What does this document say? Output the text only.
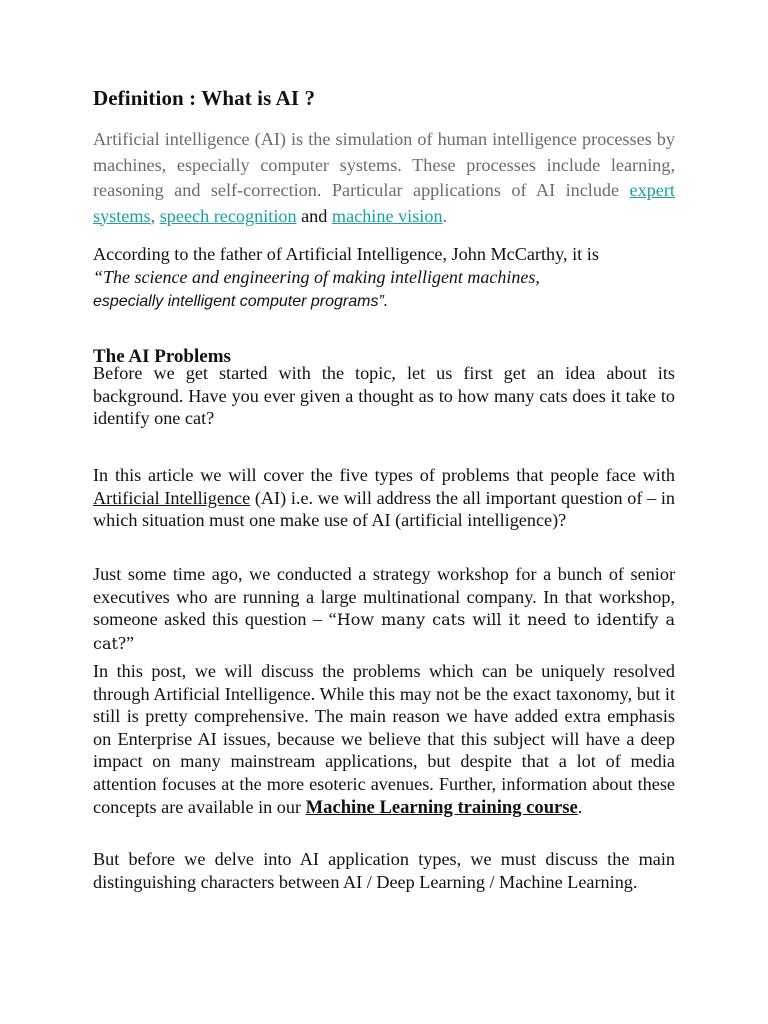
Definition : What is AI ?

Artificial intelligence (AI) is the simulation of human intelligence processes by machines, especially computer systems. These processes include learning, reasoning and self-correction. Particular applications of AI include expert systems, speech recognition and machine vision.

According to the father of Artificial Intelligence, John McCarthy, it is

“The science and engineering of making intelligent machines,
especially intelligent computer programs”.

The AI Problems

Before we get started with the topic, let us first get an idea about its background. Have you ever given a thought as to how many cats does it take to identify one cat?

In this article we will cover the five types of problems that people face with Artificial Intelligence (AI) i.e. we will address the all important question of – in which situation must one make use of AI (artificial intelligence)?

Just some time ago, we conducted a strategy workshop for a bunch of senior executives who are running a large multinational company. In that workshop, someone asked this question – “How many cats will it need to identify a cat?”

In this post, we will discuss the problems which can be uniquely resolved through Artificial Intelligence. While this may not be the exact taxonomy, but it still is pretty comprehensive. The main reason we have added extra emphasis on Enterprise AI issues, because we believe that this subject will have a deep impact on many mainstream applications, but despite that a lot of media attention focuses at the more esoteric avenues. Further, information about these concepts are available in our Machine Learning training course.

But before we delve into AI application types, we must discuss the main distinguishing characters between AI / Deep Learning / Machine Learning.
